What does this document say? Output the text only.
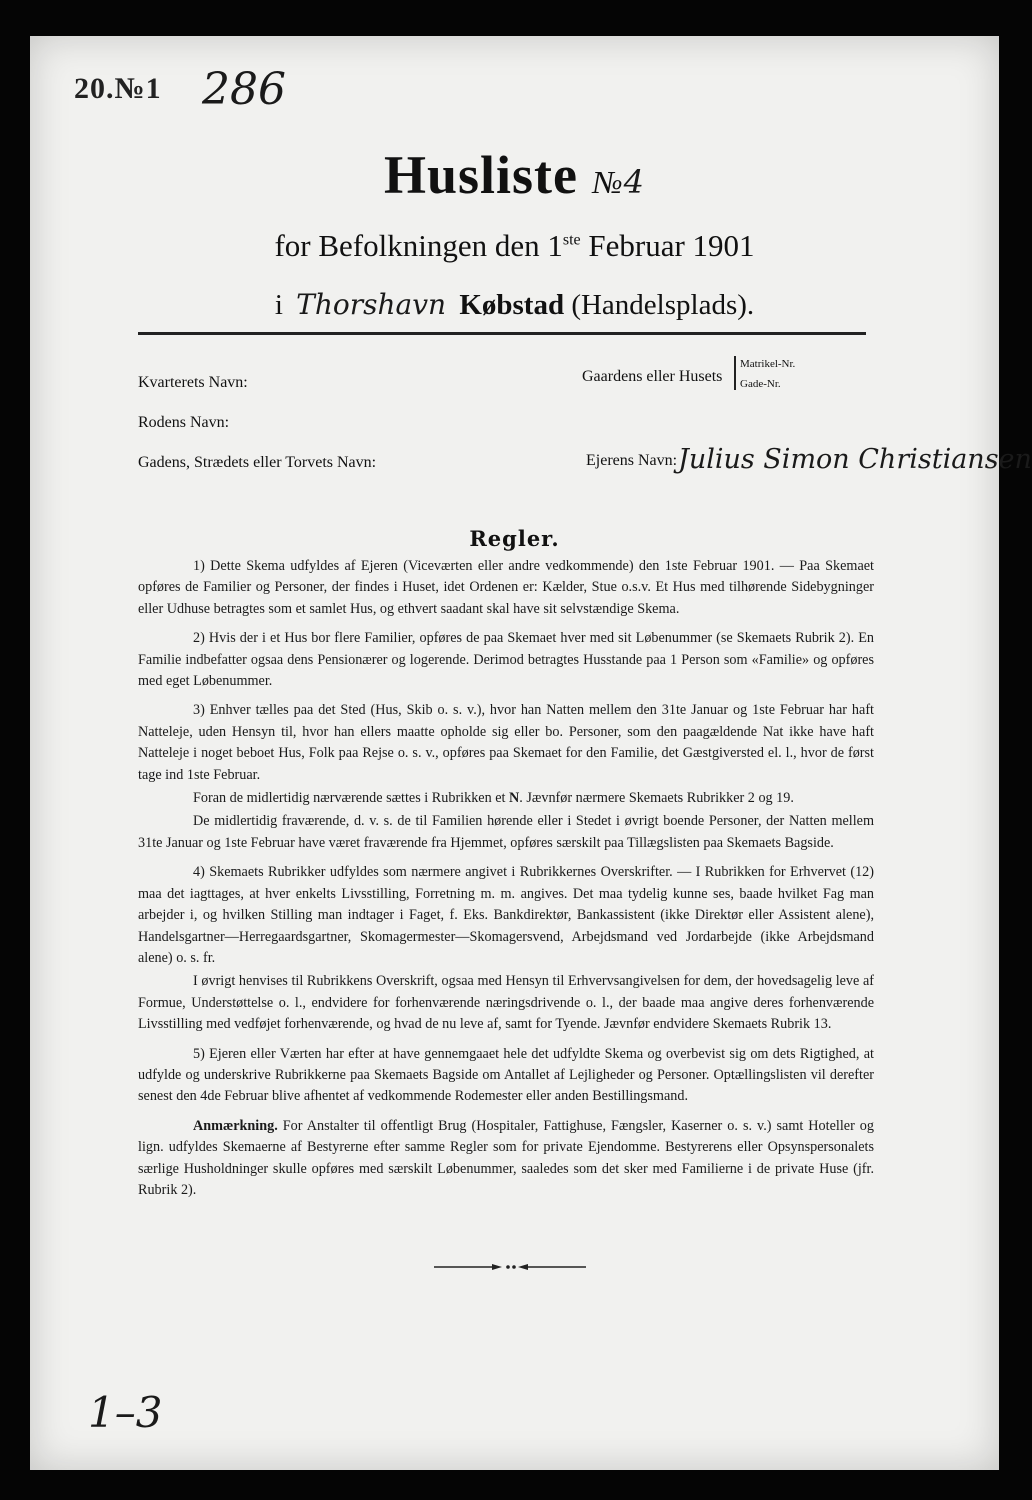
20.№1 286
Husliste №4
for Befolkningen den 1ste Februar 1901
i Thorshavn Købstad (Handelsplads).
Kvarterets Navn:
Rodens Navn:
Gadens, Strædets eller Torvets Navn:
Gaardens eller Husets
Matrikel-Nr.
Gade-Nr.
Ejerens Navn: Julius Simon Christiansen
Regler.

1) Dette Skema udfyldes af Ejeren (Viceværten eller andre vedkommende) den 1ste Februar 1901. — Paa Skemaet opføres de Familier og Personer, der findes i Huset, idet Ordenen er: Kælder, Stue o.s.v. Et Hus med tilhørende Sidebygninger eller Udhuse betragtes som et samlet Hus, og ethvert saadant skal have sit selvstændige Skema.

2) Hvis der i et Hus bor flere Familier, opføres de paa Skemaet hver med sit Løbenummer (se Skemaets Rubrik 2). En Familie indbefatter ogsaa dens Pensionærer og logerende. Derimod betragtes Husstande paa 1 Person som «Familie» og opføres med eget Løbenummer.

3) Enhver tælles paa det Sted (Hus, Skib o. s. v.), hvor han Natten mellem den 31te Januar og 1ste Februar har haft Natteleje, uden Hensyn til, hvor han ellers maatte opholde sig eller bo. Personer, som den paagældende Nat ikke have haft Natteleje i noget beboet Hus, Folk paa Rejse o. s. v., opføres paa Skemaet for den Familie, det Gæstgiversted el. l., hvor de først tage ind 1ste Februar.

Foran de midlertidig nærværende sættes i Rubrikken et N. Jævnfør nærmere Skemaets Rubrikker 2 og 19.

De midlertidig fraværende, d. v. s. de til Familien hørende eller i Stedet i øvrigt boende Personer, der Natten mellem 31te Januar og 1ste Februar have været fraværende fra Hjemmet, opføres særskilt paa Tillægslisten paa Skemaets Bagside.

4) Skemaets Rubrikker udfyldes som nærmere angivet i Rubrikkernes Overskrifter. — I Rubrikken for Erhvervet (12) maa det iagttages, at hver enkelts Livsstilling, Forretning m. m. angives. Det maa tydelig kunne ses, baade hvilket Fag man arbejder i, og hvilken Stilling man indtager i Faget, f. Eks. Bankdirektør, Bankassistent (ikke Direktør eller Assistent alene), Handelsgartner—Herregaardsgartner, Skomagermester—Skomagersvend, Arbejdsmand ved Jordarbejde (ikke Arbejdsmand alene) o. s. fr.

I øvrigt henvises til Rubrikkens Overskrift, ogsaa med Hensyn til Erhvervsangivelsen for dem, der hovedsagelig leve af Formue, Understøttelse o. l., endvidere for forhenværende næringsdrivende o. l., der baade maa angive deres forhenværende Livsstilling med vedføjet forhenværende, og hvad de nu leve af, samt for Tyende. Jævnfør endvidere Skemaets Rubrik 13.

5) Ejeren eller Værten har efter at have gennemgaaet hele det udfyldte Skema og overbevist sig om dets Rigtighed, at udfylde og underskrive Rubrikkerne paa Skemaets Bagside om Antallet af Lejligheder og Personer. Optællingslisten vil derefter senest den 4de Februar blive afhentet af vedkommende Rodemester eller anden Bestillingsmand.

Anmærkning. For Anstalter til offentligt Brug (Hospitaler, Fattighuse, Fængsler, Kaserner o. s. v.) samt Hoteller og lign. udfyldes Skemaerne af Bestyrerne efter samme Regler som for private Ejendomme. Bestyrerens eller Opsynspersonalets særlige Husholdninger skulle opføres med særskilt Løbenummer, saaledes som det sker med Familierne i de private Huse (jfr. Rubrik 2).

1–3
